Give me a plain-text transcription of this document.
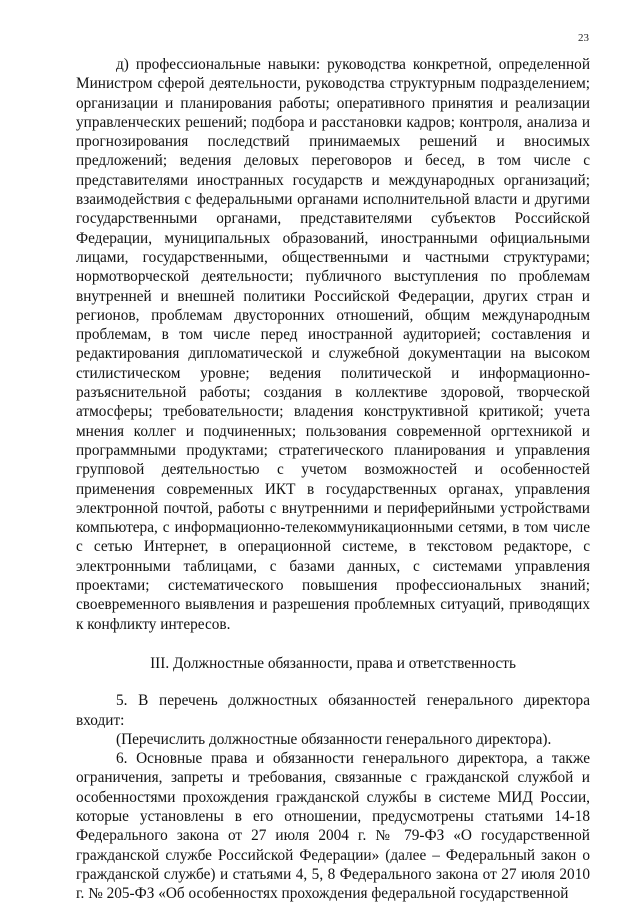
23

д) профессиональные навыки: руководства конкретной, определенной Министром сферой деятельности, руководства структурным подразделением; организации и планирования работы; оперативного принятия и реализации управленческих решений; подбора и расстановки кадров; контроля, анализа и прогнозирования последствий принимаемых решений и вносимых предложений; ведения деловых переговоров и бесед, в том числе с представителями иностранных государств и международных организаций; взаимодействия с федеральными органами исполнительной власти и другими государственными органами, представителями субъектов Российской Федерации, муниципальных образований, иностранными официальными лицами, государственными, общественными и частными структурами; нормотворческой деятельности; публичного выступления по проблемам внутренней и внешней политики Российской Федерации, других стран и регионов, проблемам двусторонних отношений, общим международным проблемам, в том числе перед иностранной аудиторией; составления и редактирования дипломатической и служебной документации на высоком стилистическом уровне; ведения политической и информационно-разъяснительной работы; создания в коллективе здоровой, творческой атмосферы; требовательности; владения конструктивной критикой; учета мнения коллег и подчиненных; пользования современной оргтехникой и программными продуктами; стратегического планирования и управления групповой деятельностью с учетом возможностей и особенностей применения современных ИКТ в государственных органах, управления электронной почтой, работы с внутренними и периферийными устройствами компьютера, с информационно-телекоммуникационными сетями, в том числе с сетью Интернет, в операционной системе, в текстовом редакторе, с электронными таблицами, с базами данных, с системами управления проектами; систематического повышения профессиональных знаний; своевременного выявления и разрешения проблемных ситуаций, приводящих к конфликту интересов.

III. Должностные обязанности, права и ответственность

5. В перечень должностных обязанностей генерального директора входит:

(Перечислить должностные обязанности генерального директора).

6. Основные права и обязанности генерального директора, а также ограничения, запреты и требования, связанные с гражданской службой и особенностями прохождения гражданской службы в системе МИД России, которые установлены в его отношении, предусмотрены статьями 14-18 Федерального закона от 27 июля 2004 г. № 79-ФЗ «О государственной гражданской службе Российской Федерации» (далее – Федеральный закон о гражданской службе) и статьями 4, 5, 8 Федерального закона от 27 июля 2010 г. № 205-ФЗ «Об особенностях прохождения федеральной государственной
